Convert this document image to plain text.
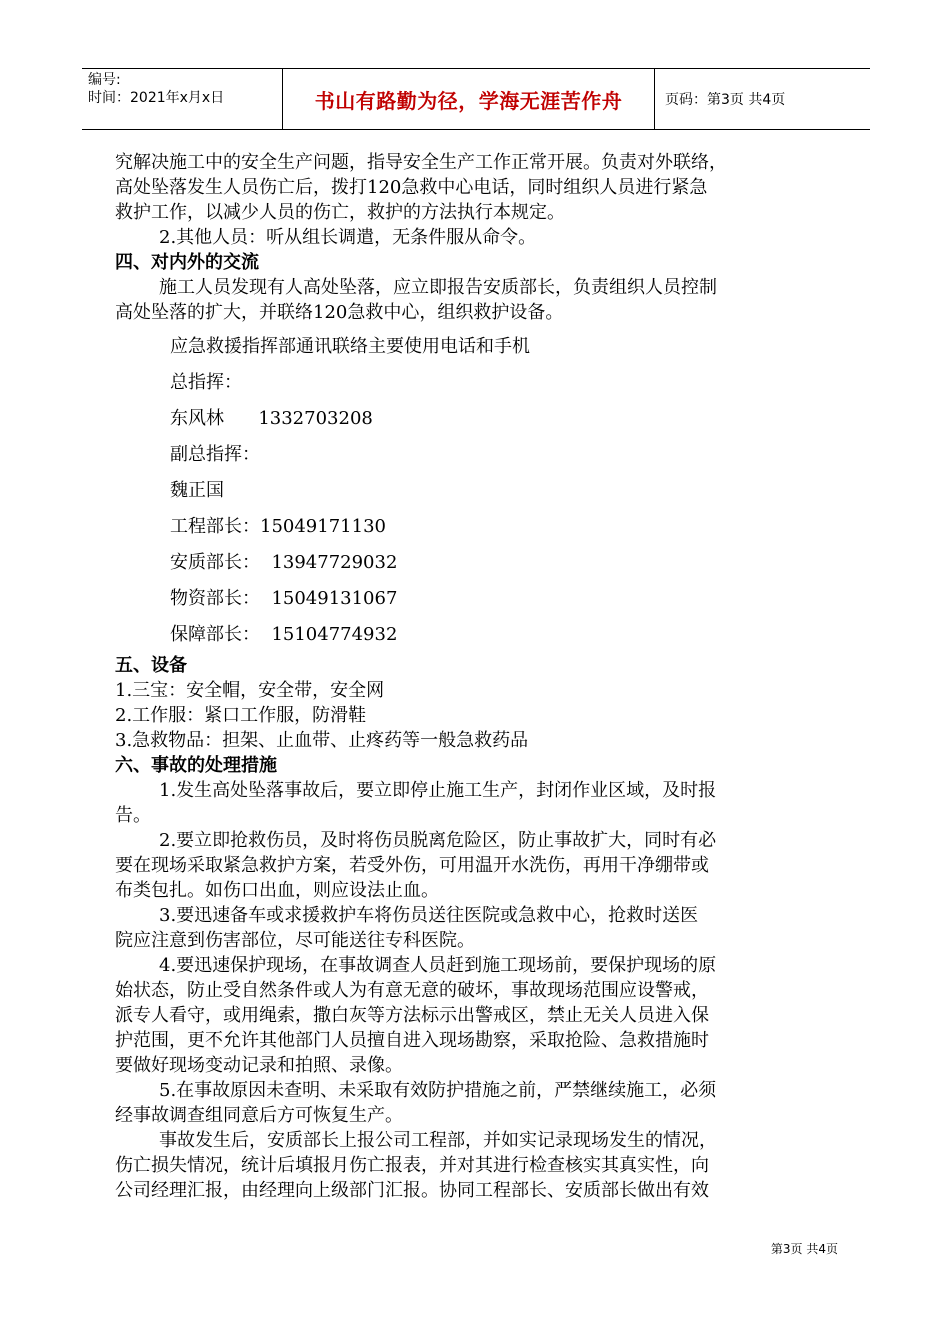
编号:
时间：2021年x月x日	书山有路勤为径，学海无涯苦作舟	页码：第3页 共4页

究解决施工中的安全生产问题，指导安全生产工作正常开展。负责对外联络，

高处坠落发生人员伤亡后，拨打120急救中心电话，同时组织人员进行紧急

救护工作，以减少人员的伤亡，救护的方法执行本规定。

2.其他人员：听从组长调遣，无条件服从命令。

四、对内外的交流

施工人员发现有人高处坠落，应立即报告安质部长，负责组织人员控制

高处坠落的扩大，并联络120急救中心，组织救护设备。

应急救援指挥部通讯联络主要使用电话和手机
总指挥：
东风林      1332703208
副总指挥：
魏正国
工程部长：15049171130
安质部长：  13947729032
物资部长：  15049131067
保障部长：  15104774932

五、设备

1.三宝：安全帽，安全带，安全网

2.工作服：紧口工作服，防滑鞋

3.急救物品：担架、止血带、止疼药等一般急救药品

六、事故的处理措施

1.发生高处坠落事故后，要立即停止施工生产，封闭作业区域，及时报

告。

2.要立即抢救伤员，及时将伤员脱离危险区，防止事故扩大，同时有必

要在现场采取紧急救护方案，若受外伤，可用温开水洗伤，再用干净绷带或

布类包扎。如伤口出血，则应设法止血。

3.要迅速备车或求援救护车将伤员送往医院或急救中心，抢救时送医

院应注意到伤害部位，尽可能送往专科医院。

4.要迅速保护现场，在事故调查人员赶到施工现场前，要保护现场的原

始状态，防止受自然条件或人为有意无意的破坏，事故现场范围应设警戒，

派专人看守，或用绳索，撒白灰等方法标示出警戒区，禁止无关人员进入保

护范围，更不允许其他部门人员擅自进入现场勘察，采取抢险、急救措施时

要做好现场变动记录和拍照、录像。

5.在事故原因未查明、未采取有效防护措施之前，严禁继续施工，必须

经事故调查组同意后方可恢复生产。

事故发生后，安质部长上报公司工程部，并如实记录现场发生的情况，

伤亡损失情况，统计后填报月伤亡报表，并对其进行检查核实其真实性，向

公司经理汇报，由经理向上级部门汇报。协同工程部长、安质部长做出有效

第3页 共4页
